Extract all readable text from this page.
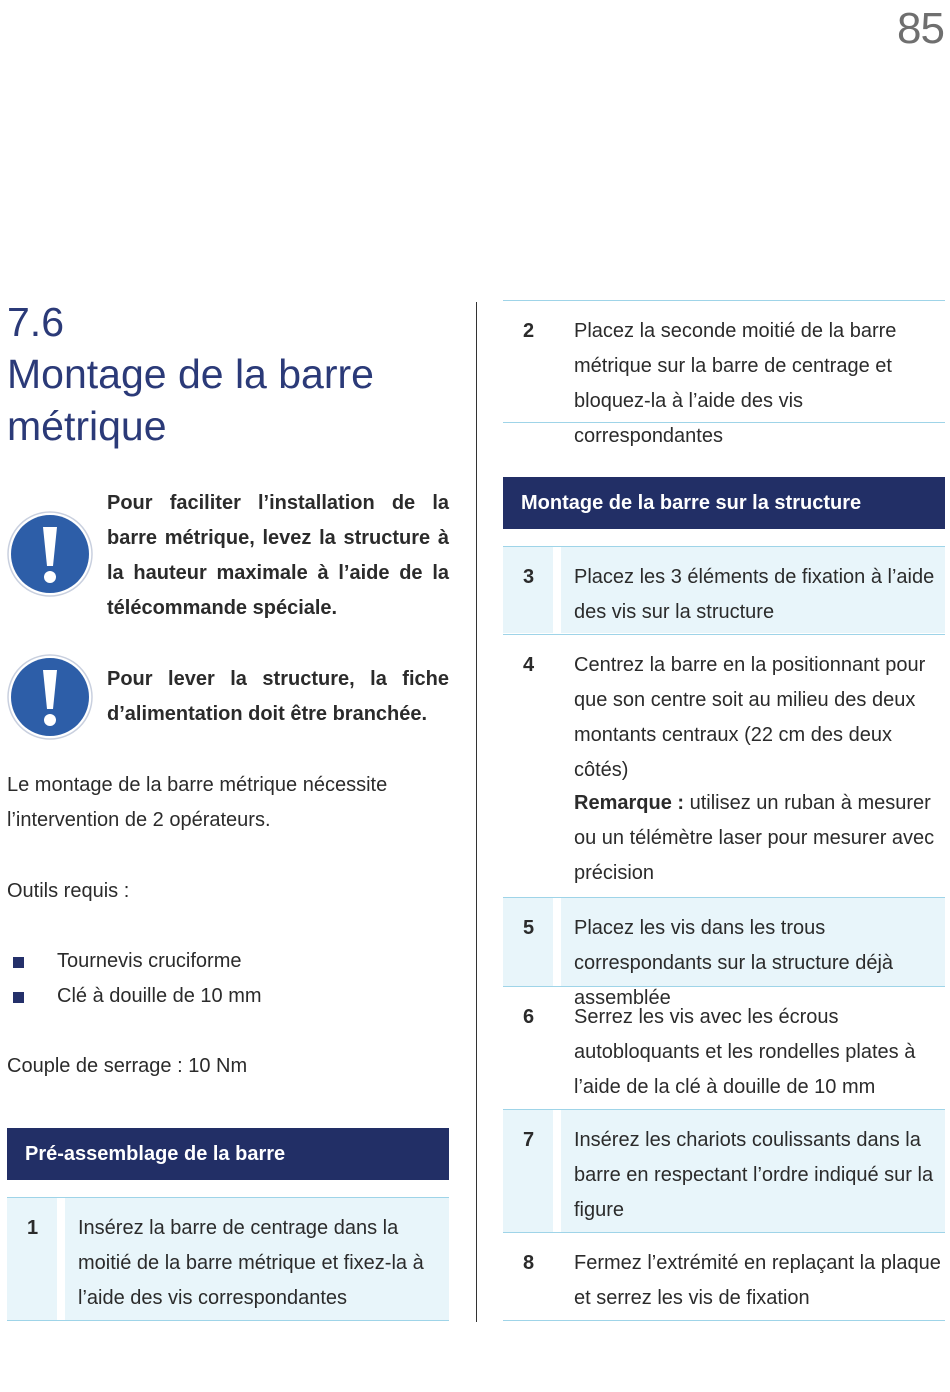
85
7.6
Montage de la barre
métrique
Pour faciliter l’installation de la barre métrique, levez la structure à la hauteur maximale à l’aide de la télécommande spéciale.
Pour lever la structure, la fiche d’alimentation doit être branchée.
Le montage de la barre métrique nécessite l’intervention de 2 opérateurs.
Outils requis :
Tournevis cruciforme
Clé à douille de 10 mm
Couple de serrage : 10 Nm
Pré-assemblage de la barre
1 Insérez la barre de centrage dans la moitié de la barre métrique et fixez-la à l’aide des vis correspondantes
2 Placez la seconde moitié de la barre métrique sur la barre de centrage et bloquez-la à l’aide des vis correspondantes
Montage de la barre sur la structure
3 Placez les 3 éléments de fixation à l’aide des vis sur la structure
4 Centrez la barre en la positionnant pour que son centre soit au milieu des deux montants centraux (22 cm des deux côtés)
Remarque : utilisez un ruban à mesurer ou un télémètre laser pour mesurer avec précision
5 Placez les vis dans les trous correspondants sur la structure déjà assemblée
6 Serrez les vis avec les écrous autobloquants et les rondelles plates à l’aide de la clé à douille de 10 mm
7 Insérez les chariots coulissants dans la barre en respectant l’ordre indiqué sur la figure
8 Fermez l’extrémité en replaçant la plaque et serrez les vis de fixation
